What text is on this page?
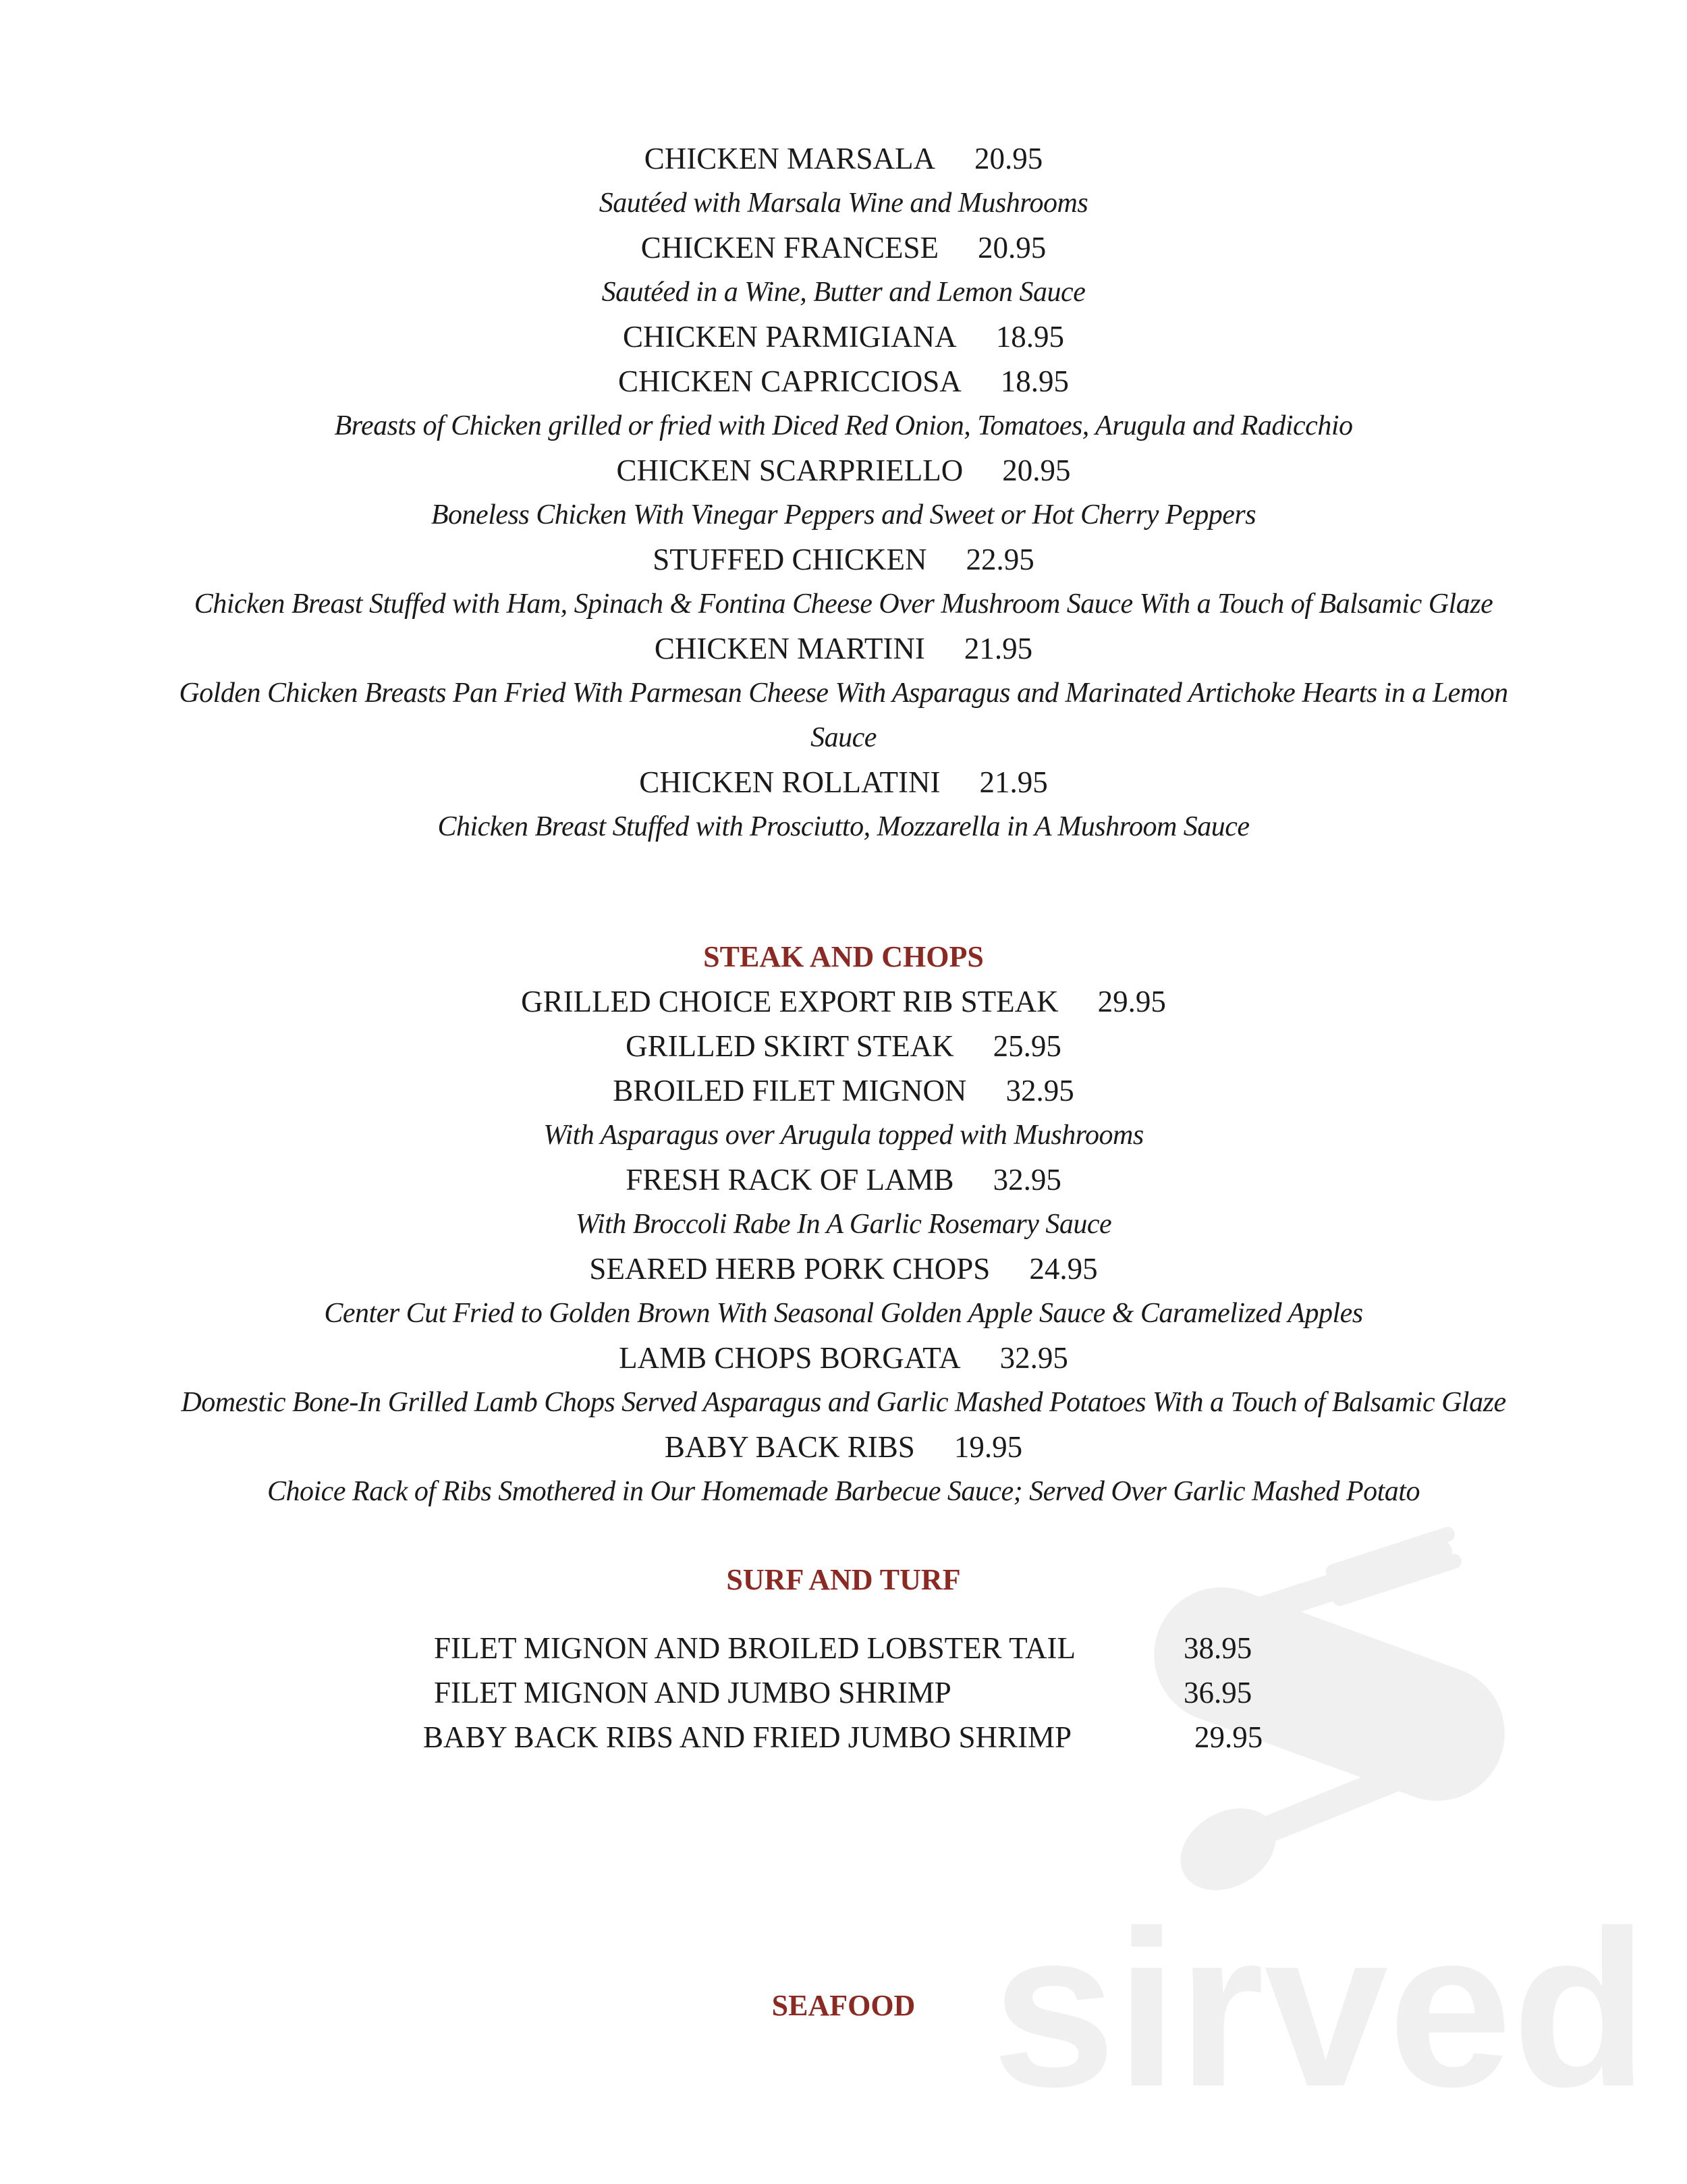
sirved
CHICKEN MARSALA 20.95
Sautéed with Marsala Wine and Mushrooms
CHICKEN FRANCESE 20.95
Sautéed in a Wine, Butter and Lemon Sauce
CHICKEN PARMIGIANA 18.95
CHICKEN CAPRICCIOSA 18.95
Breasts of Chicken grilled or fried with Diced Red Onion, Tomatoes, Arugula and Radicchio
CHICKEN SCARPRIELLO 20.95
Boneless Chicken With Vinegar Peppers and Sweet or Hot Cherry Peppers
STUFFED CHICKEN 22.95
Chicken Breast Stuffed with Ham, Spinach & Fontina Cheese Over Mushroom Sauce With a Touch of Balsamic Glaze
CHICKEN MARTINI 21.95
Golden Chicken Breasts Pan Fried With Parmesan Cheese With Asparagus and Marinated Artichoke Hearts in a Lemon
Sauce
CHICKEN ROLLATINI 21.95
Chicken Breast Stuffed with Prosciutto, Mozzarella in A Mushroom Sauce
STEAK AND CHOPS
GRILLED CHOICE EXPORT RIB STEAK 29.95
GRILLED SKIRT STEAK 25.95
BROILED FILET MIGNON 32.95
With Asparagus over Arugula topped with Mushrooms
FRESH RACK OF LAMB 32.95
With Broccoli Rabe In A Garlic Rosemary Sauce
SEARED HERB PORK CHOPS 24.95
Center Cut Fried to Golden Brown With Seasonal Golden Apple Sauce & Caramelized Apples
LAMB CHOPS BORGATA 32.95
Domestic Bone-In Grilled Lamb Chops Served Asparagus and Garlic Mashed Potatoes With a Touch of Balsamic Glaze
BABY BACK RIBS 19.95
Choice Rack of Ribs Smothered in Our Homemade Barbecue Sauce; Served Over Garlic Mashed Potato
SURF AND TURF
FILET MIGNON AND BROILED LOBSTER TAIL	38.95
FILET MIGNON AND JUMBO SHRIMP	36.95
BABY BACK RIBS AND FRIED JUMBO SHRIMP	29.95
SEAFOOD
